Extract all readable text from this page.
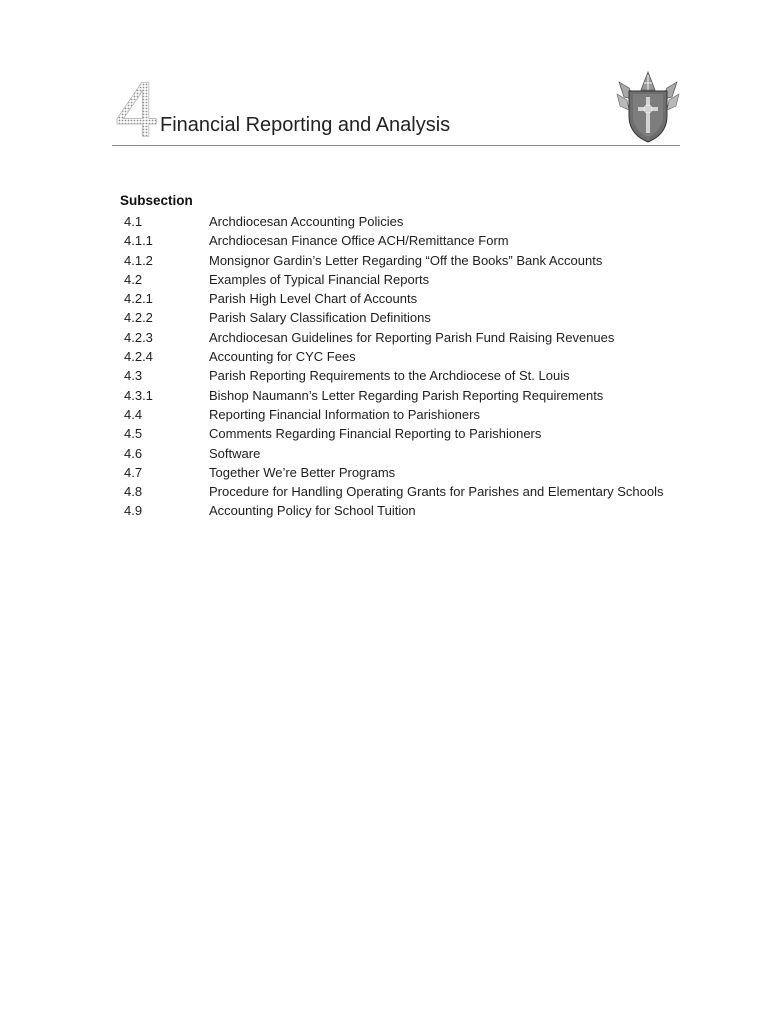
4 Financial Reporting and Analysis
Subsection
4.1	Archdiocesan Accounting Policies
4.1.1	Archdiocesan Finance Office ACH/Remittance Form
4.1.2	Monsignor Gardin’s Letter Regarding “Off the Books” Bank Accounts
4.2	Examples of Typical Financial Reports
4.2.1	Parish High Level Chart of Accounts
4.2.2	Parish Salary Classification Definitions
4.2.3	Archdiocesan Guidelines for Reporting Parish Fund Raising Revenues
4.2.4	Accounting for CYC Fees
4.3	Parish Reporting Requirements to the Archdiocese of St. Louis
4.3.1	Bishop Naumann’s Letter Regarding Parish Reporting Requirements
4.4	Reporting Financial Information to Parishioners
4.5	Comments Regarding Financial Reporting to Parishioners
4.6	Software
4.7	Together We’re Better Programs
4.8	Procedure for Handling Operating Grants for Parishes and Elementary Schools
4.9	Accounting Policy for School Tuition
